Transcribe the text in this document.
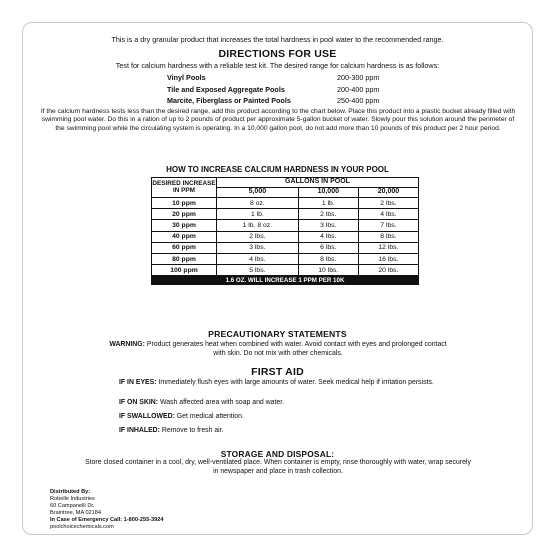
This is a dry granular product that increases the total hardness in pool water to the recommended range.
DIRECTIONS FOR USE
Test for calcium hardness with a reliable test kit. The desired range for calcium hardness is as follows:
Vinyl Pools	200-300 ppm
Tile and Exposed Aggregate Pools	200-400 ppm
Marcite, Fiberglass or Painted Pools	250-400 ppm
If the calcium hardness tests less than the desired range, add this product according to the chart below. Place this product into a plastic bucket already filled with swimming pool water. Do this in a ration of up to 2 pounds of product per approximate 5-gallon bucket of water. Slowly pour this solution around the perimeter of the swimming pool while the circulating system is operating. In a 10,000 gallon pool, do not add more than 10 pounds of this product per 2 hour period.
HOW TO INCREASE CALCIUM HARDNESS IN YOUR POOL
DESIRED INCREASE IN PPM	GALLONS IN POOL		
	5,000	10,000	20,000
10 ppm	8 oz.	1 lb.	2 lbs.
20 ppm	1 lb.	2 lbs.	4 lbs.
30 ppm	1 lb. 8 oz.	3 lbs.	7 lbs.
40 ppm	2 lbs.	4 lbs.	8 lbs.
60 ppm	3 lbs.	6 lbs.	12 lbs.
80 ppm	4 lbs.	8 lbs.	16 lbs.
100 ppm	5 lbs.	10 lbs.	20 lbs.
1.6 OZ. WILL INCREASE 1 PPM PER 10K			
PRECAUTIONARY STATEMENTS
WARNING: Product generates heat when combined with water. Avoid contact with eyes and prolonged contact with skin. Do not mix with other chemicals.
FIRST AID
IF IN EYES: Immediately flush eyes with large amounts of water. Seek medical help if irritation persists.
IF ON SKIN: Wash affected area with soap and water.
IF SWALLOWED: Get medical attention.
IF INHALED: Remove to fresh air.
STORAGE AND DISPOSAL:
Store closed container in a cool, dry, well-ventilated place. When container is empty, rinse thoroughly with water, wrap securely in newspaper and place in trash collection.
Distributed By:
Robelle Industries
60 Campanelli Dr.
Braintree, MA 02184
In Case of Emergency Call: 1-800-255-3924
poolchoicechemicals.com
